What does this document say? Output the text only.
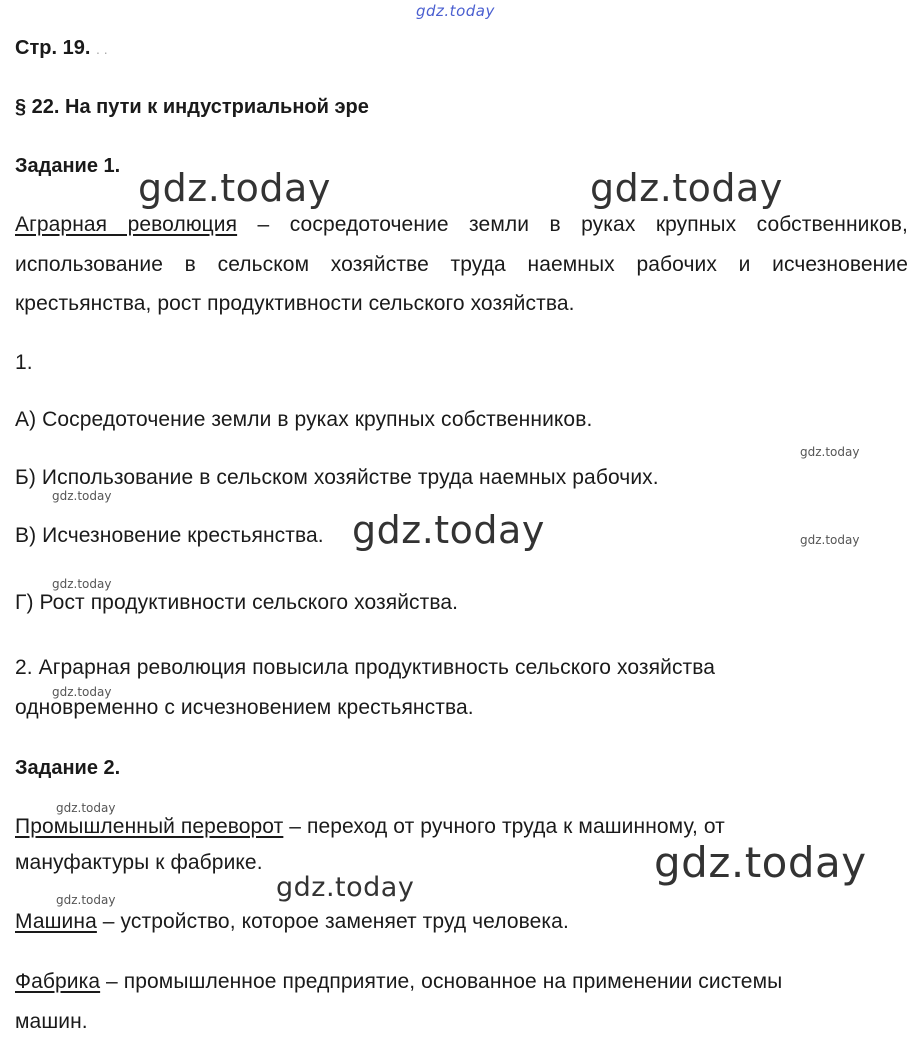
gdz.today
gdz.today	gdz.today
gdz.today
gdz.today
gdz.today
gdz.today
gdz.today
gdz.today
gdz.today
gdz.today
gdz.today
gdz.today
Стр. 19. . .
§ 22. На пути к индустриальной эре
Задание 1.
Аграрная революция – сосредоточение земли в руках крупных собственников,
использование в сельском хозяйстве труда наемных рабочих и исчезновение
крестьянства, рост продуктивности сельского хозяйства.
1.
А) Сосредоточение земли в руках крупных собственников.
Б) Использование в сельском хозяйстве труда наемных рабочих.
В) Исчезновение крестьянства.
Г) Рост продуктивности сельского хозяйства.
2. Аграрная революция повысила продуктивность сельского хозяйства
одновременно с исчезновением крестьянства.
Задание 2.
Промышленный переворот – переход от ручного труда к машинному, от
мануфактуры к фабрике.
Машина – устройство, которое заменяет труд человека.
Фабрика – промышленное предприятие, основанное на применении системы
машин.
